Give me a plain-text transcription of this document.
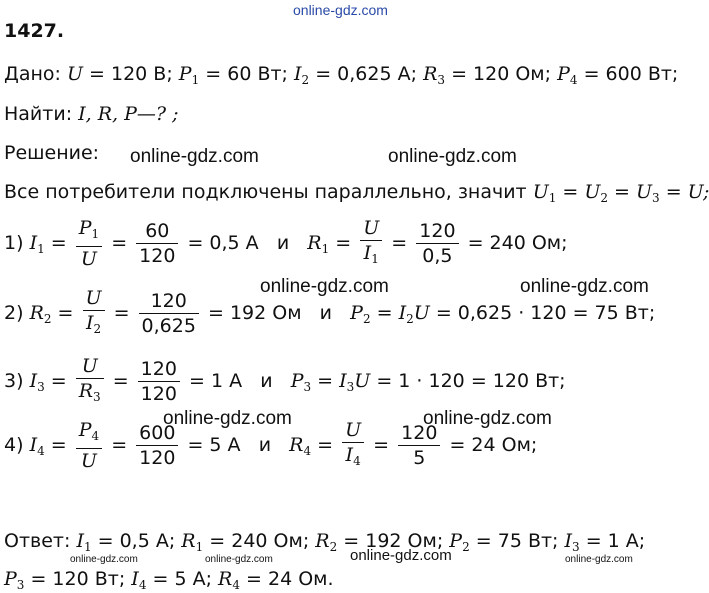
online-gdz.com
online-gdz.com	online-gdz.com
online-gdz.com	online-gdz.com
online-gdz.com	online-gdz.com
online-gdz.com
online-gdz.com	online-gdz.com	online-gdz.com
1427.
Дано: U = 120 В; $P_1 = 60$ Вт; $I_2 = 0,625$ А; $R_3 = 120$ Ом; $P_4 = 600$ Вт;
Найти: I, R, P—? ;
Решение:
Все потребители подключены параллельно, значит $U_1 = U_2 = U_3 = U$;
1) $I_1 = \frac{P_1}{U} = \frac{60}{120} = 0,5$ А и $R_1 = \frac{U}{I_1} = \frac{120}{0,5} = 240$ Ом;
2) $R_2 = \frac{U}{I_2} = \frac{120}{0,625} = 192$ Ом и $P_2 = I_2U = 0,625 \cdot 120 = 75$ Вт;
3) $I_3 = \frac{U}{R_3} = \frac{120}{120} = 1$ А и $P_3 = I_3U = 1 \cdot 120 = 120$ Вт;
4) $I_4 = \frac{P_4}{U} = \frac{600}{120} = 5$ А и $R_4 = \frac{U}{I_4} = \frac{120}{5} = 24$ Ом;
Ответ: $I_1 = 0,5$ А; $R_1 = 240$ Ом; $R_2 = 192$ Ом; $P_2 = 75$ Вт; $I_3 = 1$ А;
$P_3 = 120$ Вт; $I_4 = 5$ А; $R_4 = 24$ Ом.
